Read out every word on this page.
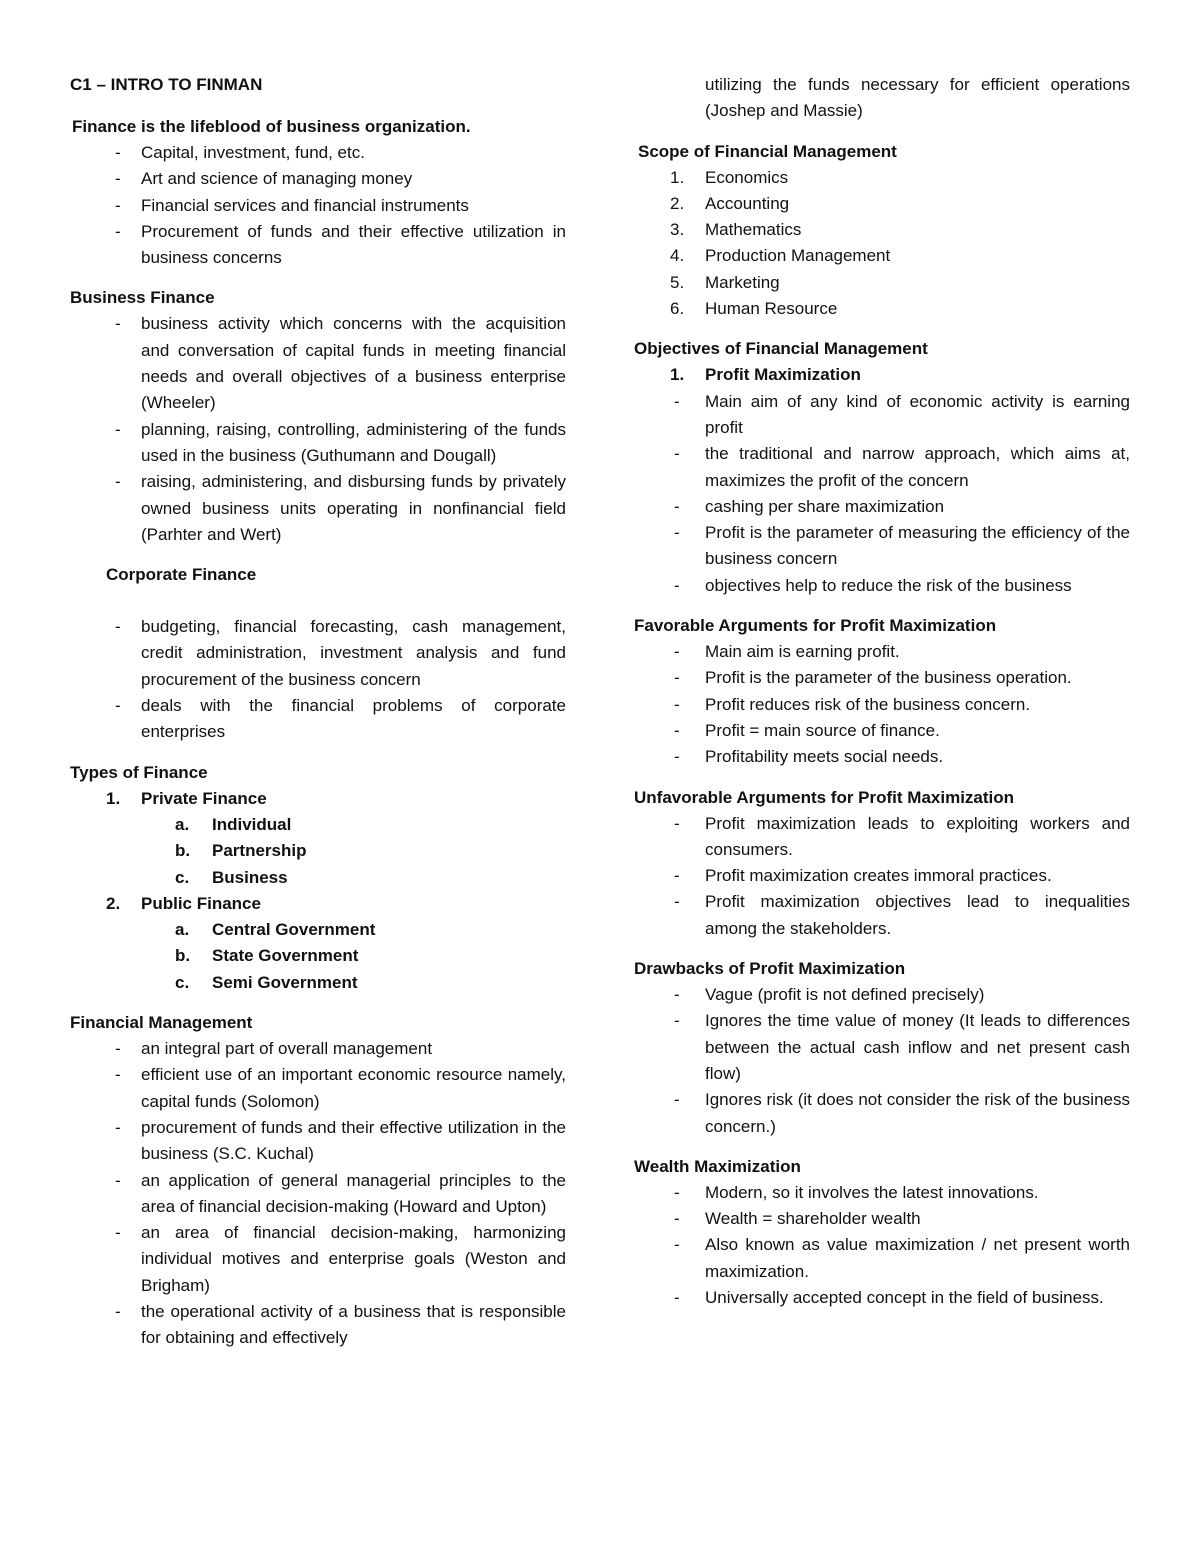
C1 – INTRO TO FINMAN
Finance is the lifeblood of business organization.
- Capital, investment, fund, etc.
- Art and science of managing money
- Financial services and financial instruments
- Procurement of funds and their effective utilization in business concerns
Business Finance
- business activity which concerns with the acquisition and conversation of capital funds in meeting financial needs and overall objectives of a business enterprise (Wheeler)
- planning, raising, controlling, administering of the funds used in the business (Guthumann and Dougall)
- raising, administering, and disbursing funds by privately owned business units operating in nonfinancial field (Parhter and Wert)
Corporate Finance
- budgeting, financial forecasting, cash management, credit administration, investment analysis and fund procurement of the business concern
- deals with the financial problems of corporate enterprises
Types of Finance
1. Private Finance
a. Individual
b. Partnership
c. Business
2. Public Finance
a. Central Government
b. State Government
c. Semi Government
Financial Management
- an integral part of overall management
- efficient use of an important economic resource namely, capital funds (Solomon)
- procurement of funds and their effective utilization in the business (S.C. Kuchal)
- an application of general managerial principles to the area of financial decision-making (Howard and Upton)
- an area of financial decision-making, harmonizing individual motives and enterprise goals (Weston and Brigham)
- the operational activity of a business that is responsible for obtaining and effectively
utilizing the funds necessary for efficient operations (Joshep and Massie)
Scope of Financial Management
1. Economics
2. Accounting
3. Mathematics
4. Production Management
5. Marketing
6. Human Resource
Objectives of Financial Management
1. Profit Maximization
- Main aim of any kind of economic activity is earning profit
- the traditional and narrow approach, which aims at, maximizes the profit of the concern
- cashing per share maximization
- Profit is the parameter of measuring the efficiency of the business concern
- objectives help to reduce the risk of the business
Favorable Arguments for Profit Maximization
- Main aim is earning profit.
- Profit is the parameter of the business operation.
- Profit reduces risk of the business concern.
- Profit = main source of finance.
- Profitability meets social needs.
Unfavorable Arguments for Profit Maximization
- Profit maximization leads to exploiting workers and consumers.
- Profit maximization creates immoral practices.
- Profit maximization objectives lead to inequalities among the stakeholders.
Drawbacks of Profit Maximization
- Vague (profit is not defined precisely)
- Ignores the time value of money (It leads to differences between the actual cash inflow and net present cash flow)
- Ignores risk (it does not consider the risk of the business concern.)
Wealth Maximization
- Modern, so it involves the latest innovations.
- Wealth = shareholder wealth
- Also known as value maximization / net present worth maximization.
- Universally accepted concept in the field of business.
